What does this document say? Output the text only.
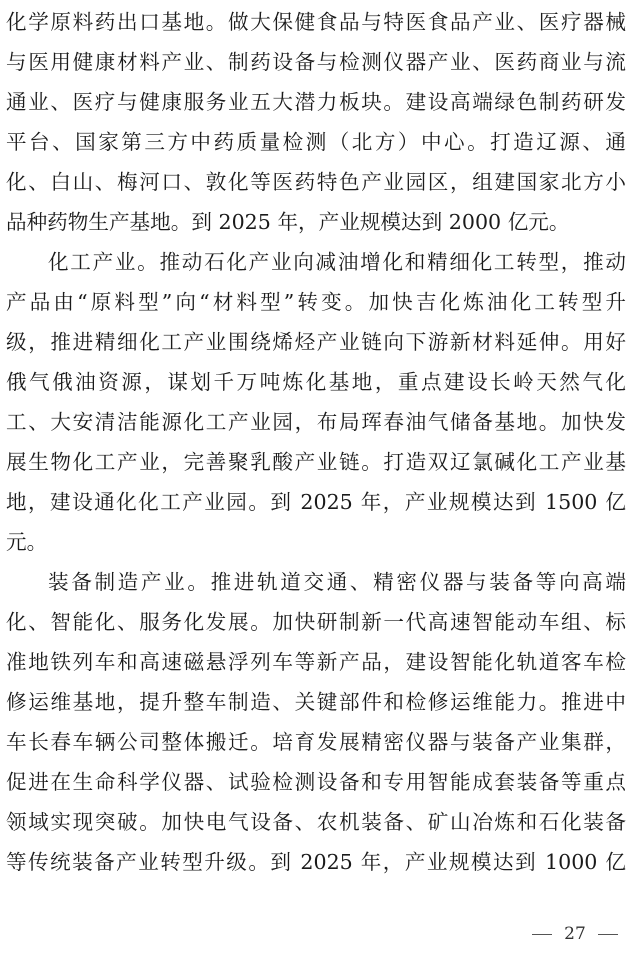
化学原料药出口基地。做大保健食品与特医食品产业、医疗器械
与医用健康材料产业、制药设备与检测仪器产业、医药商业与流
通业、医疗与健康服务业五大潜力板块。建设高端绿色制药研发
平台、国家第三方中药质量检测（北方）中心。打造辽源、通
化、白山、梅河口、敦化等医药特色产业园区，组建国家北方小
品种药物生产基地。到 2025 年，产业规模达到 2000 亿元。
化工产业。推动石化产业向减油增化和精细化工转型，推动
产品由“原料型”向“材料型”转变。加快吉化炼油化工转型升
级，推进精细化工产业围绕烯烃产业链向下游新材料延伸。用好
俄气俄油资源，谋划千万吨炼化基地，重点建设长岭天然气化
工、大安清洁能源化工产业园，布局珲春油气储备基地。加快发
展生物化工产业，完善聚乳酸产业链。打造双辽氯碱化工产业基
地，建设通化化工产业园。到 2025 年，产业规模达到 1500 亿
元。
装备制造产业。推进轨道交通、精密仪器与装备等向高端
化、智能化、服务化发展。加快研制新一代高速智能动车组、标
准地铁列车和高速磁悬浮列车等新产品，建设智能化轨道客车检
修运维基地，提升整车制造、关键部件和检修运维能力。推进中
车长春车辆公司整体搬迁。培育发展精密仪器与装备产业集群，
促进在生命科学仪器、试验检测设备和专用智能成套装备等重点
领域实现突破。加快电气设备、农机装备、矿山冶炼和石化装备
等传统装备产业转型升级。到 2025 年，产业规模达到 1000 亿
27
